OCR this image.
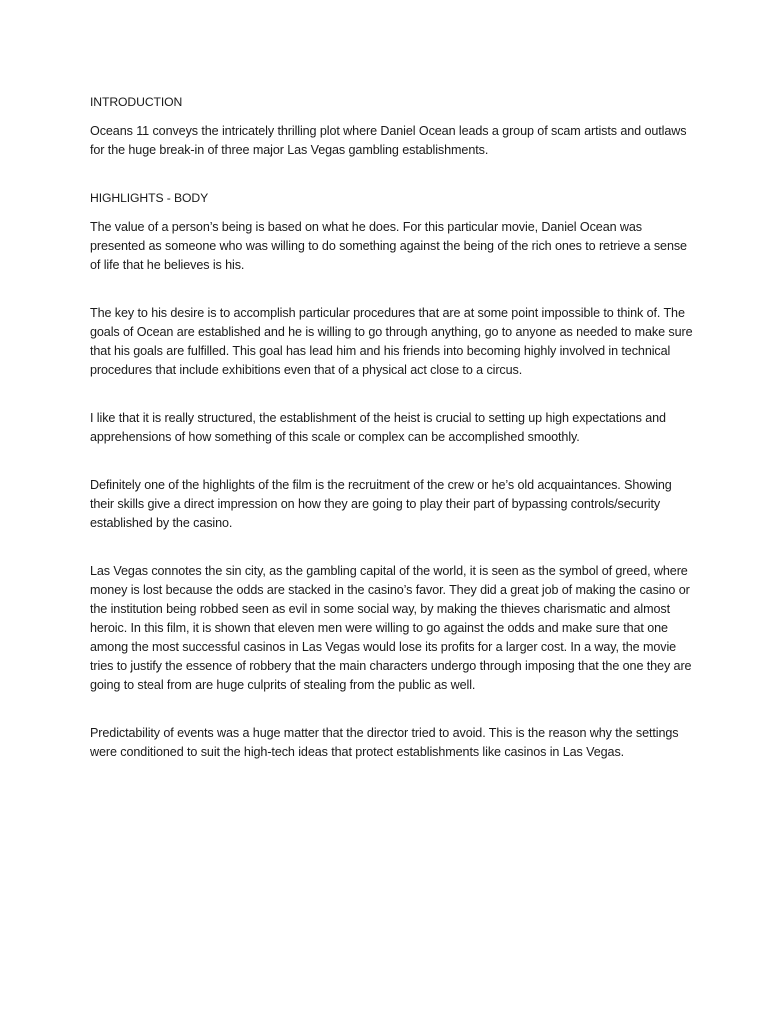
INTRODUCTION

Oceans 11 conveys the intricately thrilling plot where Daniel Ocean leads a group of scam artists and outlaws for the huge break-in of three major Las Vegas gambling establishments.

HIGHLIGHTS - BODY

The value of a person’s being is based on what he does. For this particular movie, Daniel Ocean was presented as someone who was willing to do something against the being of the rich ones to retrieve a sense of life that he believes is his.

The key to his desire is to accomplish particular procedures that are at some point impossible to think of. The goals of Ocean are established and he is willing to go through anything, go to anyone as needed to make sure that his goals are fulfilled. This goal has lead him and his friends into becoming highly involved in technical procedures that include exhibitions even that of a physical act close to a circus.

I like that it is really structured, the establishment of the heist is crucial to setting up high expectations and apprehensions of how something of this scale or complex can be accomplished smoothly.

Definitely one of the highlights of the film is the recruitment of the crew or he’s old acquaintances. Showing their skills give a direct impression on how they are going to play their part of bypassing controls/security established by the casino.

Las Vegas connotes the sin city, as the gambling capital of the world, it is seen as the symbol of greed, where money is lost because the odds are stacked in the casino’s favor. They did a great job of making the casino or the institution being robbed seen as evil in some social way, by making the thieves charismatic and almost heroic. In this film, it is shown that eleven men were willing to go against the odds and make sure that one among the most successful casinos in Las Vegas would lose its profits for a larger cost. In a way, the movie tries to justify the essence of robbery that the main characters undergo through imposing that the one they are going to steal from are huge culprits of stealing from the public as well.

Predictability of events was a huge matter that the director tried to avoid. This is the reason why the settings were conditioned to suit the high-tech ideas that protect establishments like casinos in Las Vegas.
